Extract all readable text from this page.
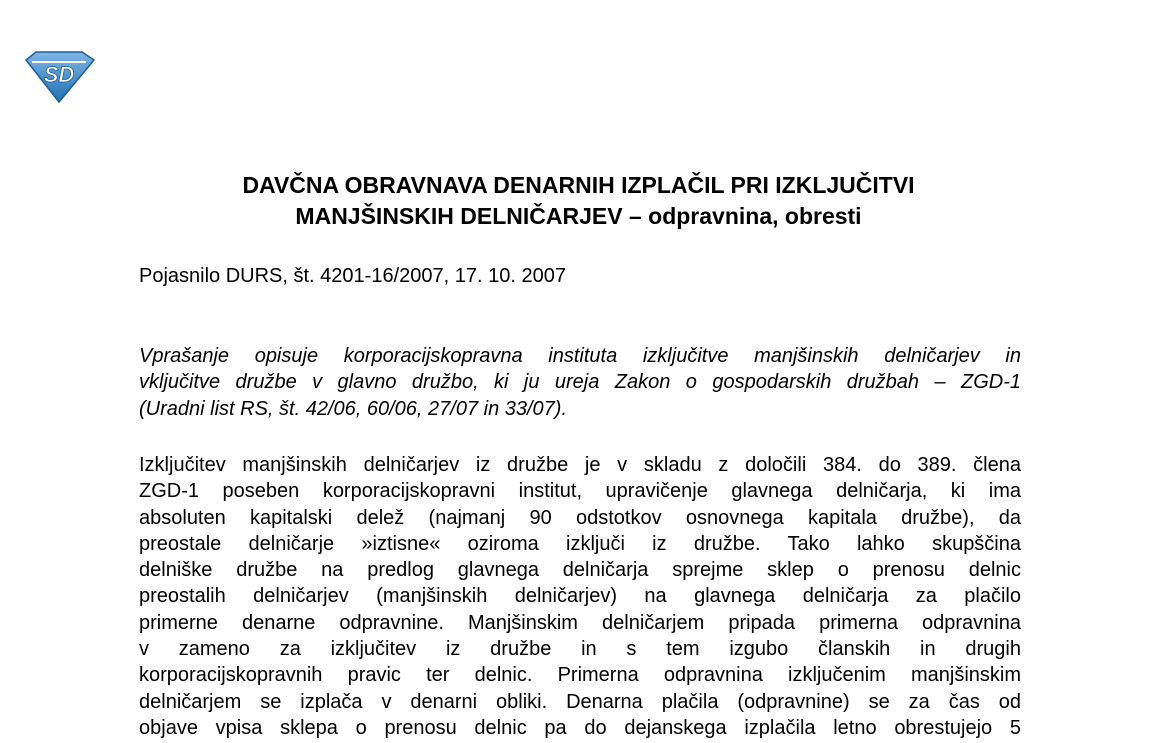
SD
DAVČNA OBRAVNAVA DENARNIH IZPLAČIL PRI IZKLJUČITVI
MANJŠINSKIH DELNIČARJEV – odpravnina, obresti
Pojasnilo DURS, št. 4201-16/2007, 17. 10. 2007

Vprašanje opisuje korporacijskopravna instituta izključitve manjšinskih delničarjev in
vključitve družbe v glavno družbo, ki ju ureja Zakon o gospodarskih družbah – ZGD-1
(Uradni list RS, št. 42/06, 60/06, 27/07 in 33/07).

Izključitev manjšinskih delničarjev iz družbe je v skladu z določili 384. do 389. člena
ZGD-1 poseben korporacijskopravni institut, upravičenje glavnega delničarja, ki ima
absoluten kapitalski delež (najmanj 90 odstotkov osnovnega kapitala družbe), da
preostale delničarje »iztisne« oziroma izključi iz družbe. Tako lahko skupščina
delniške družbe na predlog glavnega delničarja sprejme sklep o prenosu delnic
preostalih delničarjev (manjšinskih delničarjev) na glavnega delničarja za plačilo
primerne denarne odpravnine. Manjšinskim delničarjem pripada primerna odpravnina
v zameno za izključitev iz družbe in s tem izgubo članskih in drugih
korporacijskopravnih pravic ter delnic. Primerna odpravnina izključenim manjšinskim
delničarjem se izplača v denarni obliki. Denarna plačila (odpravnine) se za čas od
objave vpisa sklepa o prenosu delnic pa do dejanskega izplačila letno obrestujejo 5
